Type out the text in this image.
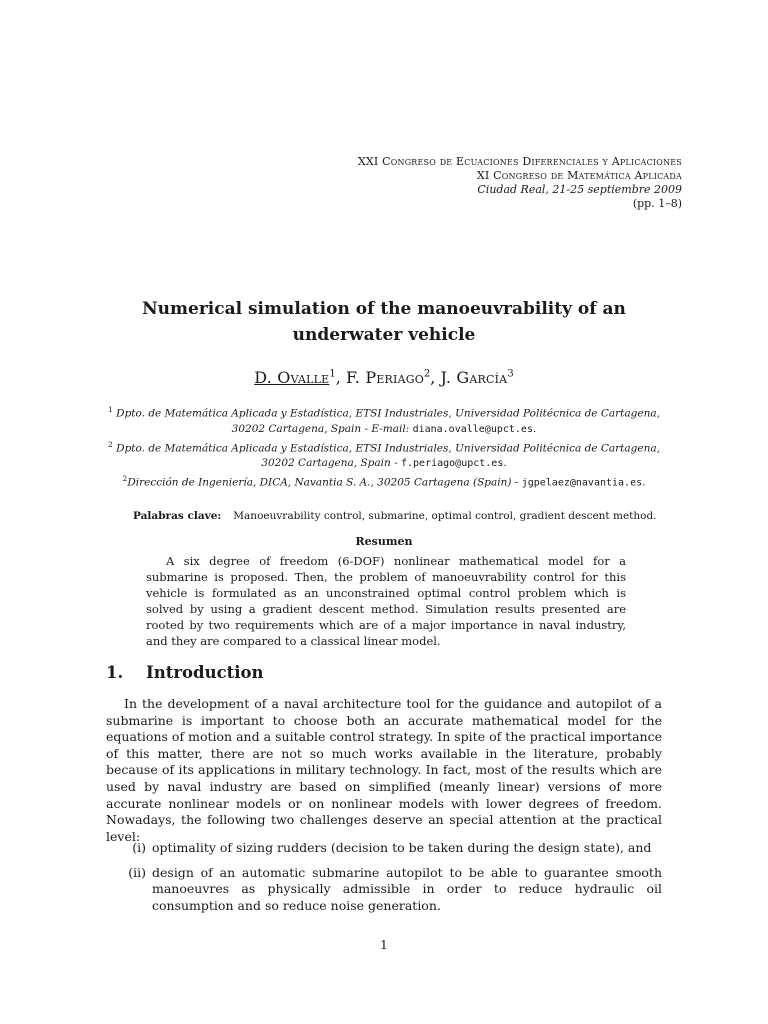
XXI Congreso de Ecuaciones Diferenciales y Aplicaciones
XI Congreso de Matemática Aplicada
Ciudad Real, 21-25 septiembre 2009
(pp. 1–8)
Numerical simulation of the manoeuvrability of an
underwater vehicle
D. Ovalle$^1$, F. Periago$^2$, J. García$^3$
$^1$ Dpto. de Matemática Aplicada y Estadística, ETSI Industriales, Universidad Politécnica de Cartagena,
30202 Cartagena, Spain - E-mail: diana.ovalle@upct.es.
$^2$ Dpto. de Matemática Aplicada y Estadística, ETSI Industriales, Universidad Politécnica de Cartagena,
30202 Cartagena, Spain - f.periago@upct.es.
$^2$Dirección de Ingeniería, DICA, Navantia S. A., 30205 Cartagena (Spain) - jgpelaez@navantia.es.
Palabras clave: Manoeuvrability control, submarine, optimal control, gradient descent method.
Resumen
A six degree of freedom (6-DOF) nonlinear mathematical model for a submarine is proposed. Then, the problem of manoeuvrability control for this vehicle is formulated as an unconstrained optimal control problem which is solved by using a gradient descent method. Simulation results presented are rooted by two requirements which are of a major importance in naval industry, and they are compared to a classical linear model.
1. Introduction
In the development of a naval architecture tool for the guidance and autopilot of a submarine is important to choose both an accurate mathematical model for the equations of motion and a suitable control strategy. In spite of the practical importance of this matter, there are not so much works available in the literature, probably because of its applications in military technology. In fact, most of the results which are used by naval industry are based on simplified (meanly linear) versions of more accurate nonlinear models or on nonlinear models with lower degrees of freedom. Nowadays, the following two challenges deserve an special attention at the practical level:
(i) optimality of sizing rudders (decision to be taken during the design state), and
(ii) design of an automatic submarine autopilot to be able to guarantee smooth manoeuvres as physically admissible in order to reduce hydraulic oil consumption and so reduce noise generation.
1
